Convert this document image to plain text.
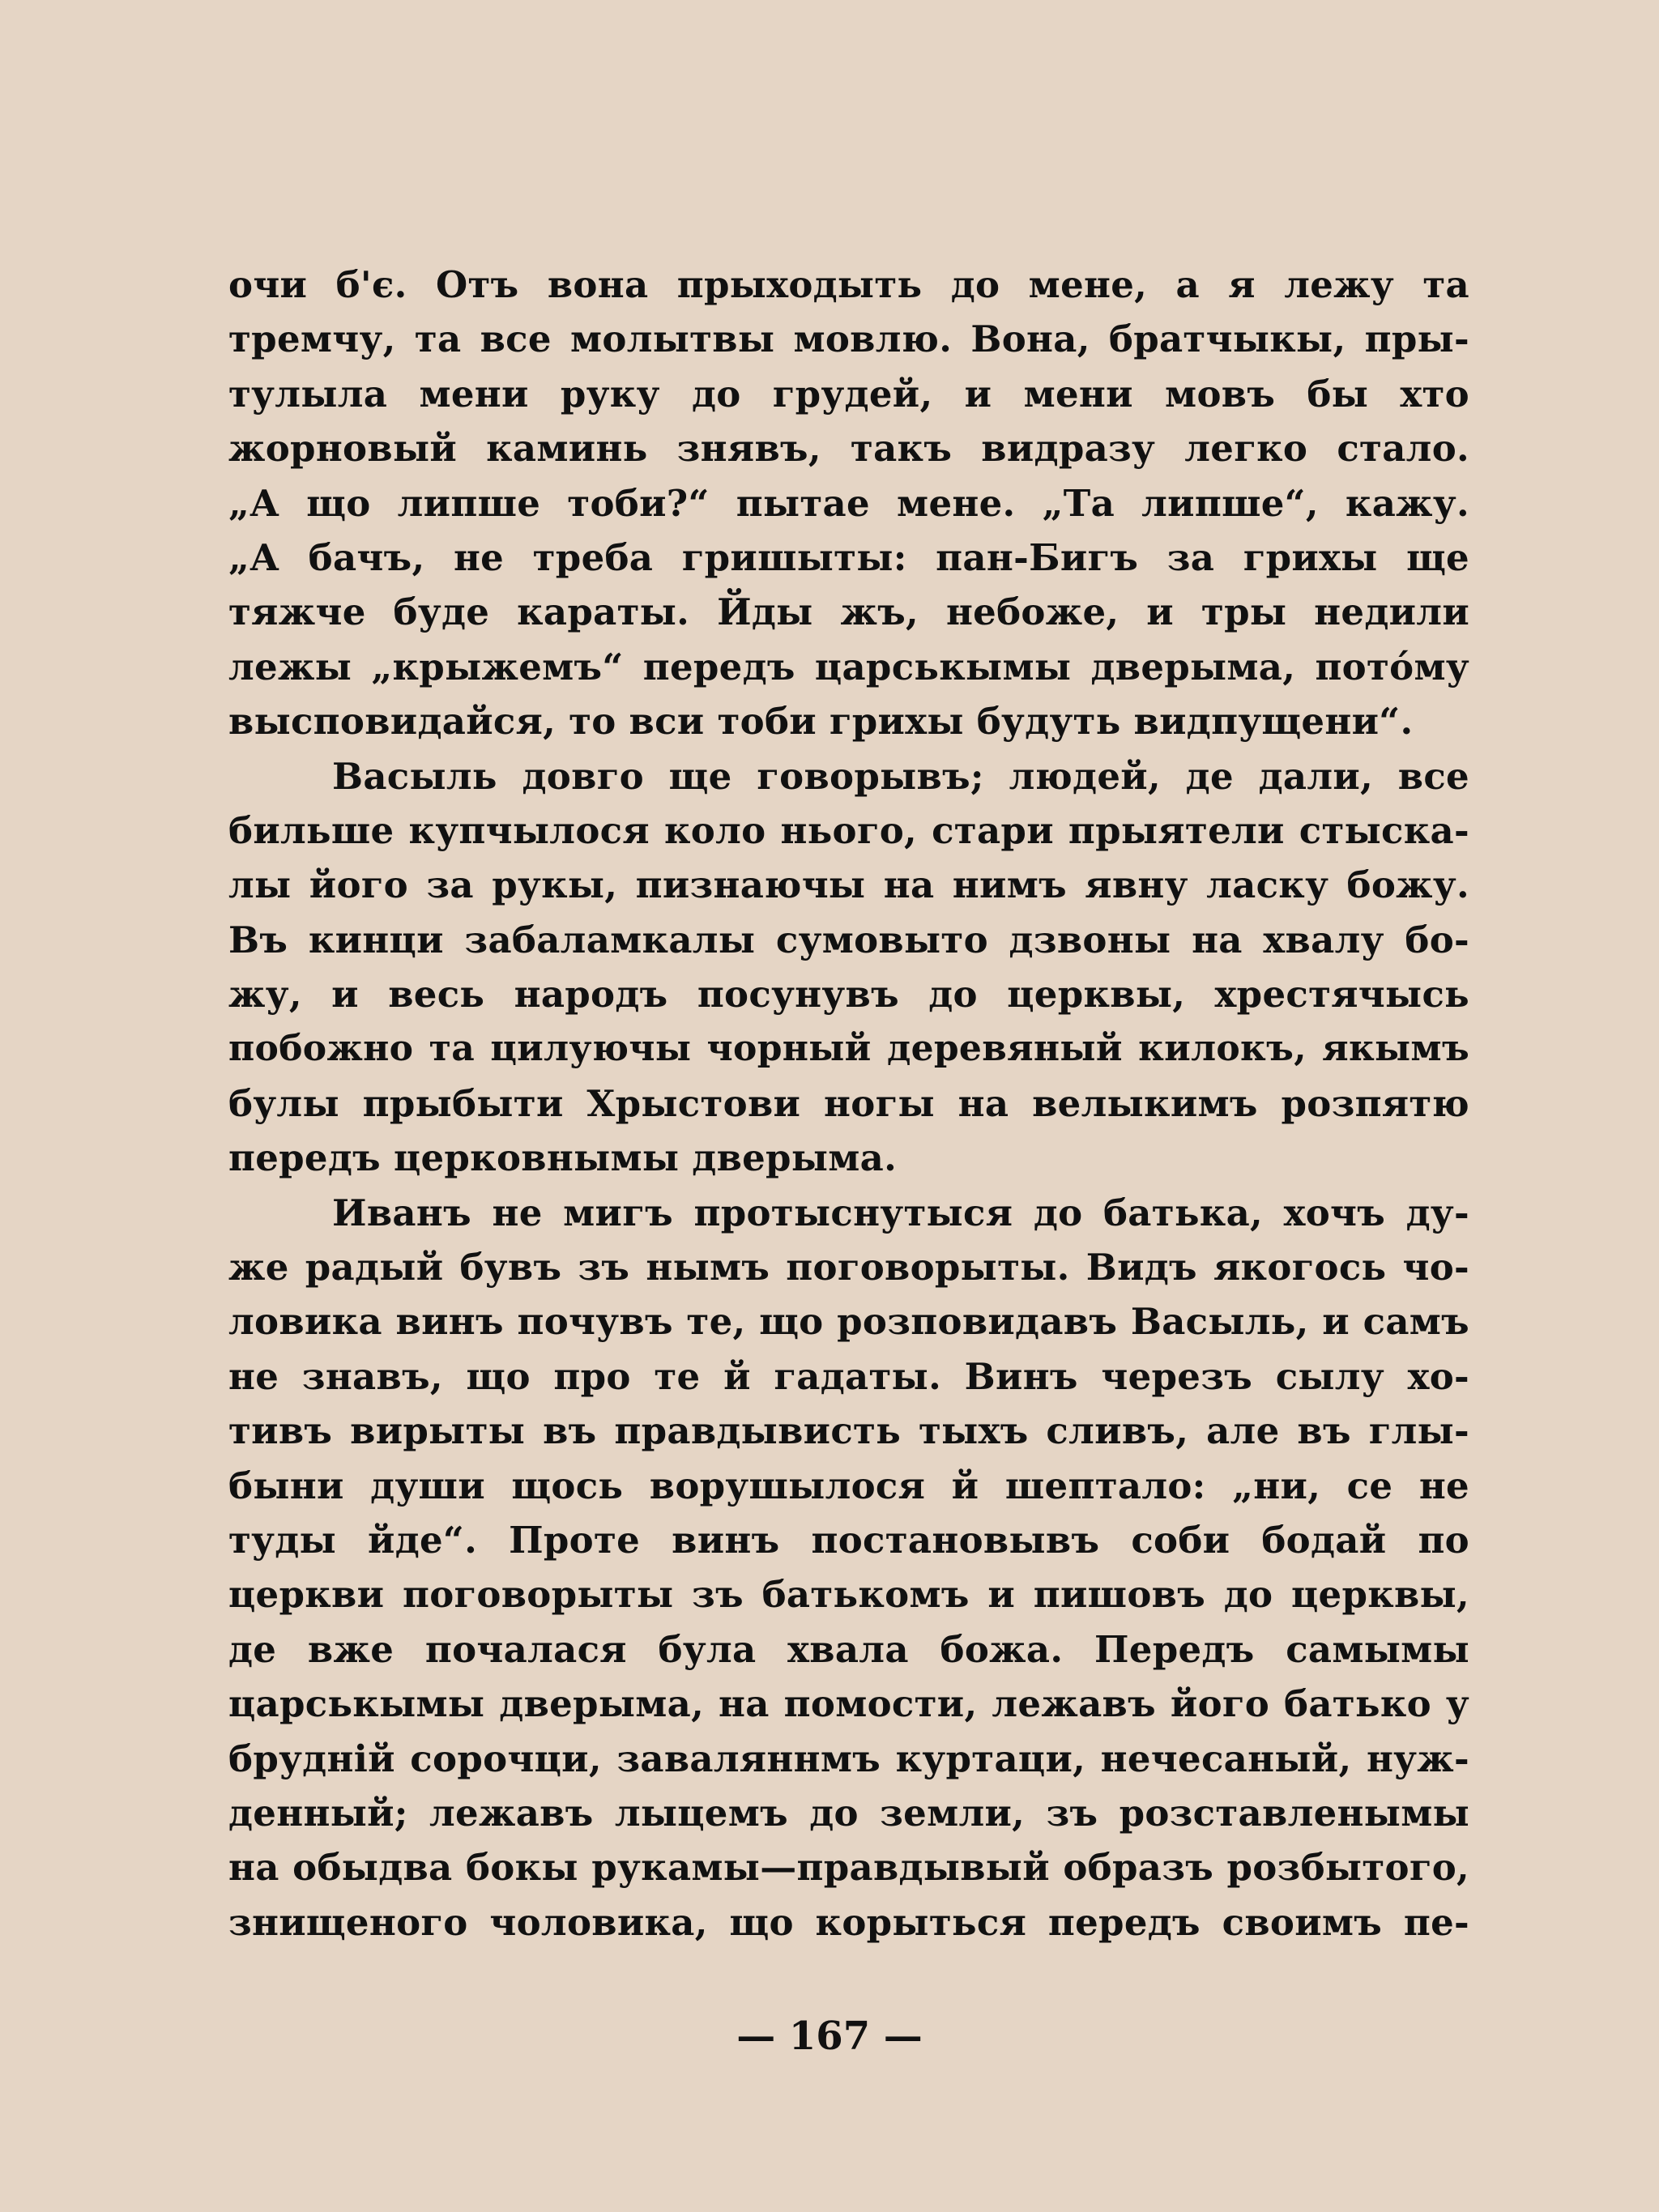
очи б'є. Отъ вона прыходыть до мене, а я лежу та
тремчу, та все молытвы мовлю. Вона, братчыкы, пры-
тулыла мени руку до грудей, и мени мовъ бы хто
жорновый каминь знявъ, такъ видразу легко стало.
„А що липше тоби?“ пытае мене. „Та липше“, кажу.
„А бачъ, не треба гришыты: пан-Бигъ за грихы ще
тяжче буде караты. Йды жъ, небоже, и тры недили
лежы „крыжемъ“ передъ царськымы дверыма, потóму
выcповидайся, то вси тоби грихы будуть видпущени“.
Васыль довго ще говорывъ; людей, де дали, все
бильше купчылося коло нього, стари прыятели стыска-
лы його за рукы, пизнаючы на нимъ явну ласку божу.
Въ кинци забаламкалы сумовыто дзвоны на хвалу бо-
жу, и весь народъ посунувъ до церквы, хрестячысь
побожно та цилуючы чорный деревяный килокъ, якымъ
булы прыбыти Хрыстови ногы на велыкимъ розпятю
передъ церковнымы дверыма.
Иванъ не мигъ протыснутыся до батька, хочъ ду-
же радый бувъ зъ нымъ поговорыты. Видъ якогось чо-
ловика винъ почувъ те, що розповидавъ Васыль, и самъ
не знавъ, що про те й гадаты. Винъ черезъ сылу хо-
тивъ вирыты въ правдывисть тыхъ сливъ, але въ глы-
быни души щось ворушылося й шептало: „ни, се не
туды йде“. Проте винъ постановывъ соби бодай по
церкви поговорыты зъ батькомъ и пишовъ до церквы,
де вже почалася була хвала божа. Передъ самымы
царськымы дверыма, на помости, лежавъ його батько у
брудній сорочци, заваляннмъ куртаци, нечесаный, нуж-
денный; лежавъ лыцемъ до земли, зъ розставленымы
на обыдва бокы рукамы—правдывый образъ розбытого,
знищеного чоловика, що корыться передъ своимъ пе-
— 167 —
